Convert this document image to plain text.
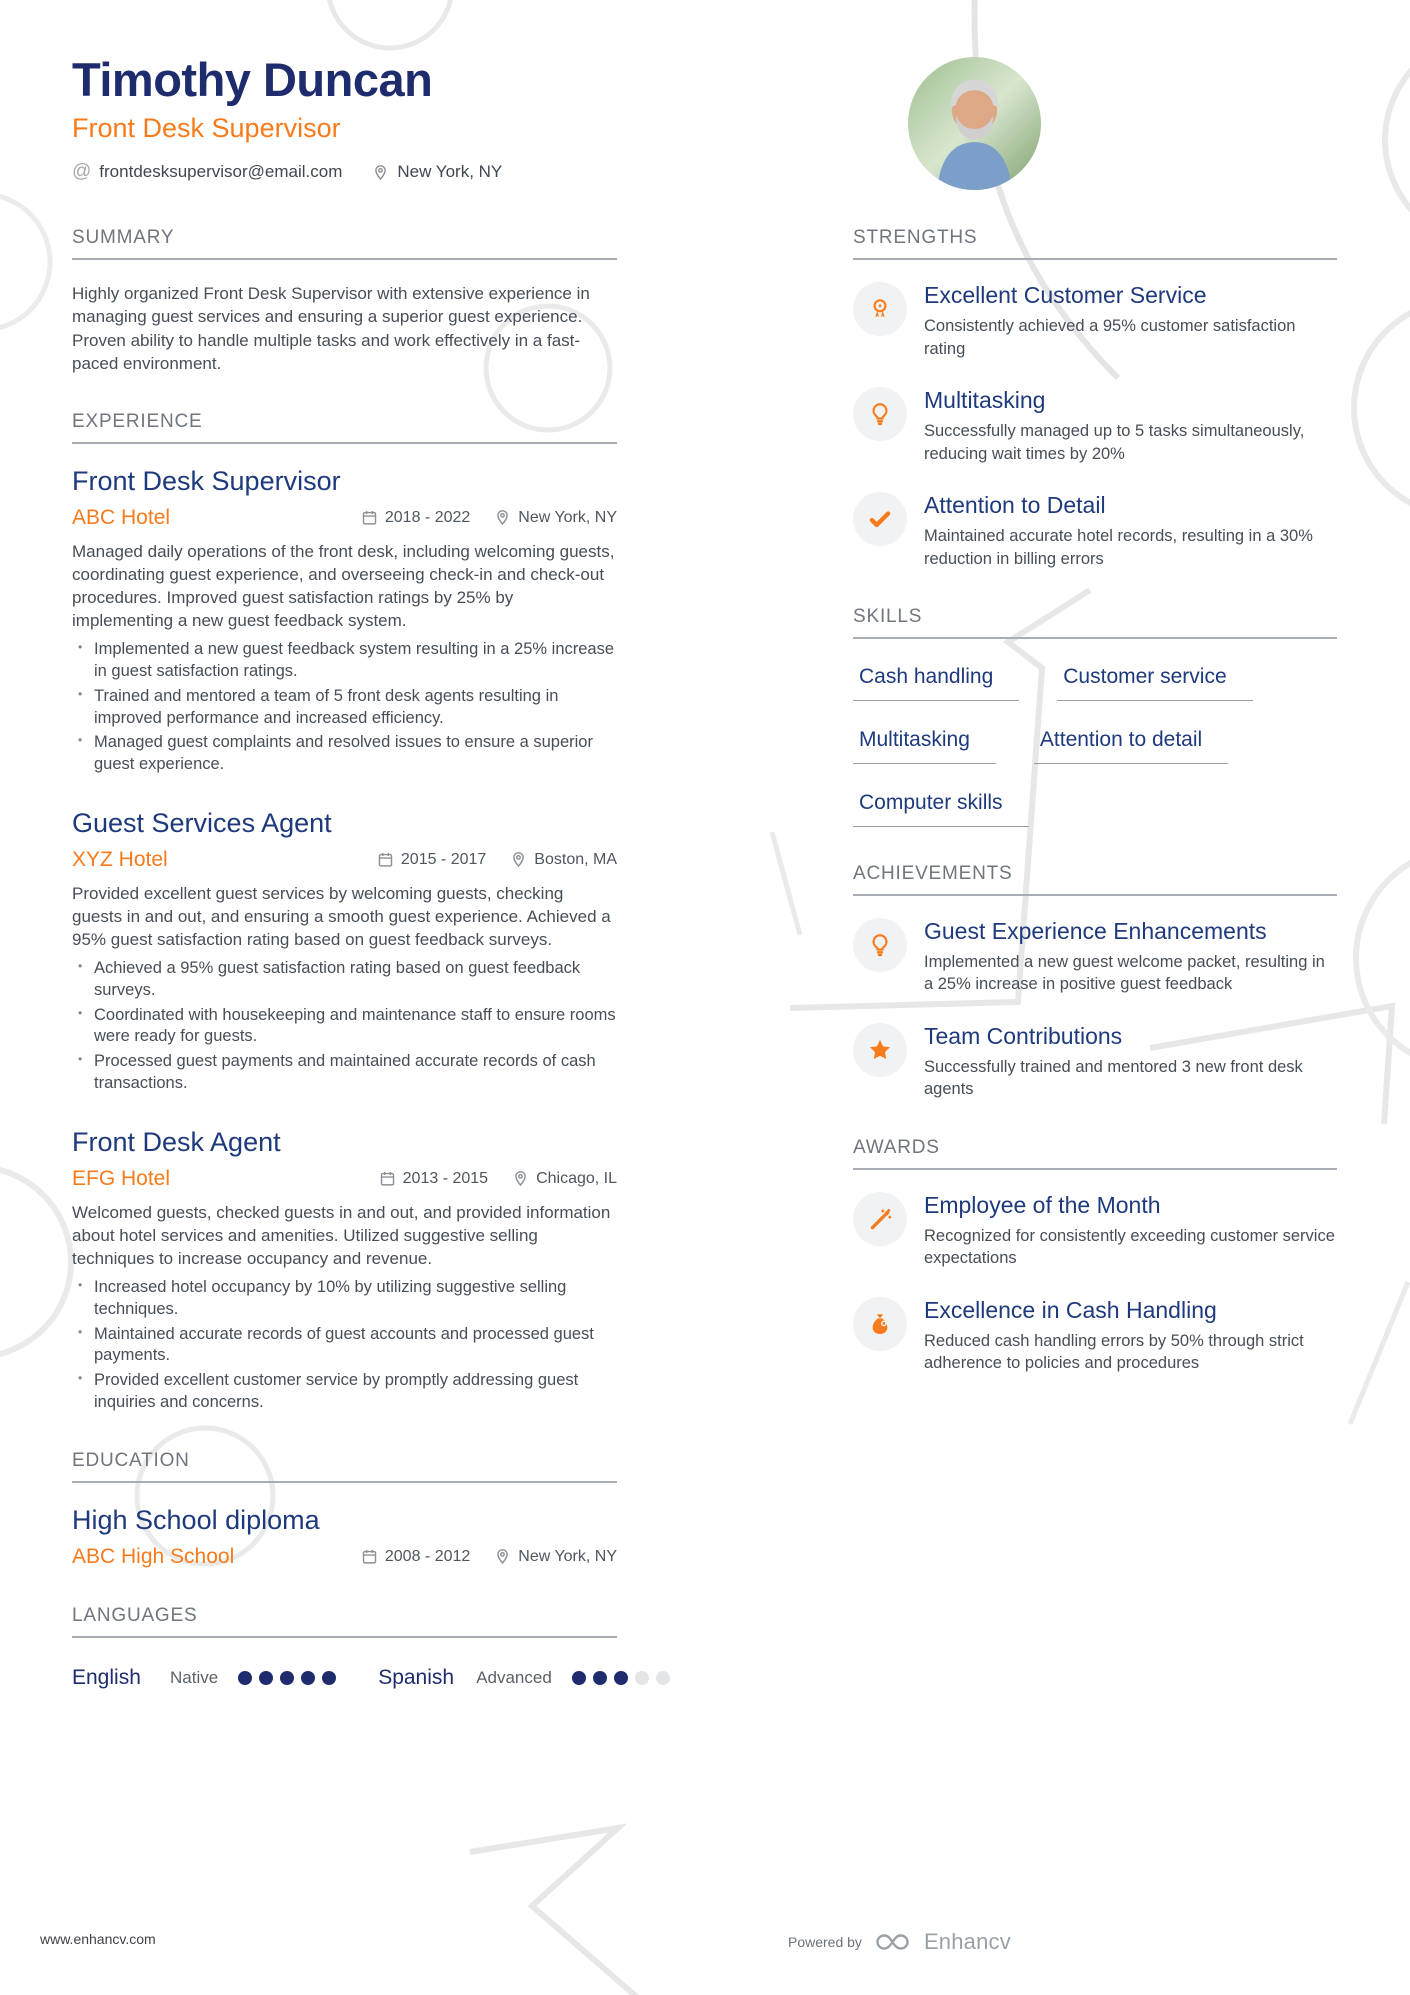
Timothy Duncan
Front Desk Supervisor
@ frontdesksupervisor@email.com	New York, NY
SUMMARY

Highly organized Front Desk Supervisor with extensive experience in managing guest services and ensuring a superior guest experience. Proven ability to handle multiple tasks and work effectively in a fast-paced environment.

EXPERIENCE
Front Desk Supervisor
ABC Hotel	2018 - 2022	New York, NY

Managed daily operations of the front desk, including welcoming guests, coordinating guest experience, and overseeing check-in and check-out procedures. Improved guest satisfaction ratings by 25% by implementing a new guest feedback system.

• Implemented a new guest feedback system resulting in a 25% increase in guest satisfaction ratings.
• Trained and mentored a team of 5 front desk agents resulting in improved performance and increased efficiency.
• Managed guest complaints and resolved issues to ensure a superior guest experience.
Guest Services Agent
XYZ Hotel	2015 - 2017	Boston, MA

Provided excellent guest services by welcoming guests, checking guests in and out, and ensuring a smooth guest experience. Achieved a 95% guest satisfaction rating based on guest feedback surveys.

• Achieved a 95% guest satisfaction rating based on guest feedback surveys.
• Coordinated with housekeeping and maintenance staff to ensure rooms were ready for guests.
• Processed guest payments and maintained accurate records of cash transactions.
Front Desk Agent
EFG Hotel	2013 - 2015	Chicago, IL

Welcomed guests, checked guests in and out, and provided information about hotel services and amenities. Utilized suggestive selling techniques to increase occupancy and revenue.

• Increased hotel occupancy by 10% by utilizing suggestive selling techniques.
• Maintained accurate records of guest accounts and processed guest payments.
• Provided excellent customer service by promptly addressing guest inquiries and concerns.
EDUCATION
High School diploma
ABC High School	2008 - 2012	New York, NY
LANGUAGES
English	Native	Spanish Advanced
STRENGTHS
Excellent Customer Service
Consistently achieved a 95% customer satisfaction rating
Multitasking
Successfully managed up to 5 tasks simultaneously, reducing wait times by 20%
Attention to Detail
Maintained accurate hotel records, resulting in a 30% reduction in billing errors
SKILLS
Cash handling	Customer service
Multitasking	Attention to detail
Computer skills
ACHIEVEMENTS
Guest Experience Enhancements
Implemented a new guest welcome packet, resulting in a 25% increase in positive guest feedback
Team Contributions
Successfully trained and mentored 3 new front desk agents
AWARDS
Employee of the Month
Recognized for consistently exceeding customer service expectations
Excellence in Cash Handling
Reduced cash handling errors by 50% through strict adherence to policies and procedures
www.enhancv.com	Powered by	Enhancv
